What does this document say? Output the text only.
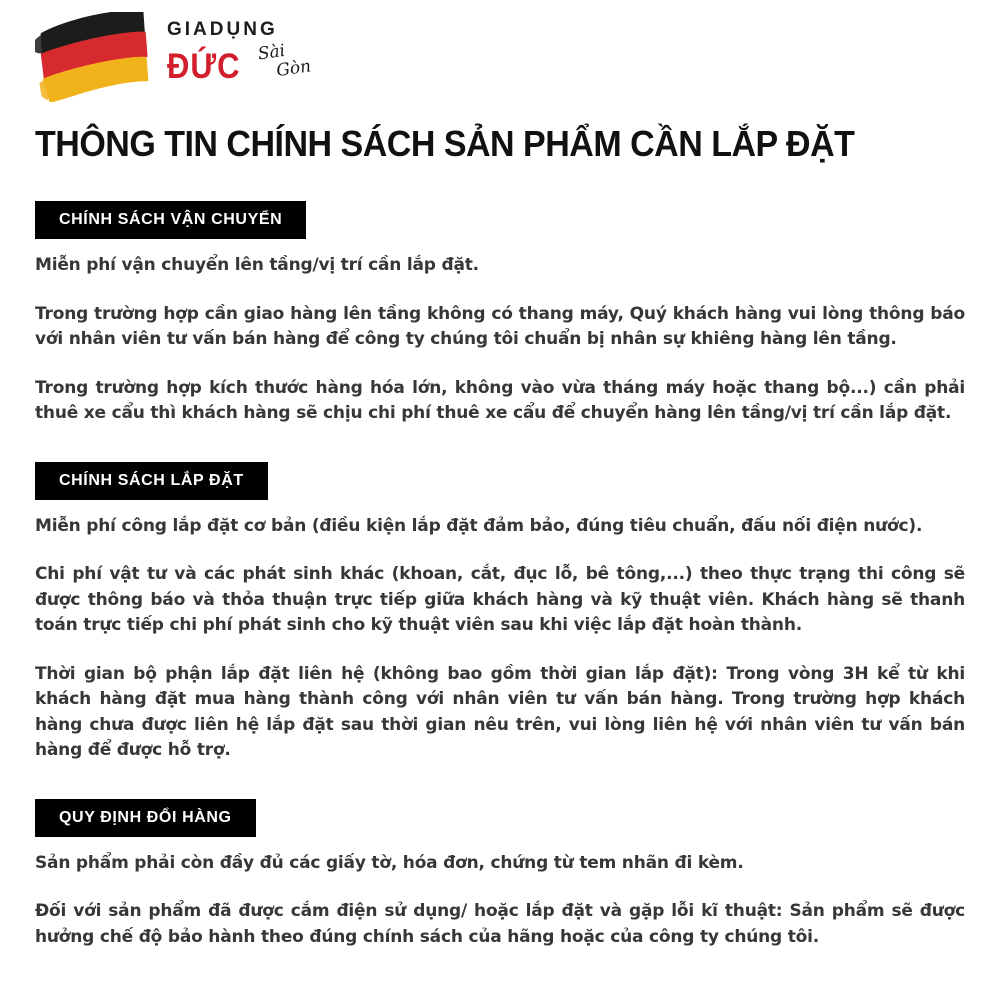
GIADỤNG
ĐỨC Sài
Gòn
THÔNG TIN CHÍNH SÁCH SẢN PHẨM CẦN LẮP ĐẶT
CHÍNH SÁCH VẬN CHUYỂN

Miễn phí vận chuyển lên tầng/vị trí cần lắp đặt.

Trong trường hợp cần giao hàng lên tầng không có thang máy, Quý khách hàng vui lòng thông báo với nhân viên tư vấn bán hàng để công ty chúng tôi chuẩn bị nhân sự khiêng hàng lên tầng.

Trong trường hợp kích thước hàng hóa lớn, không vào vừa tháng máy hoặc thang bộ...) cần phải thuê xe cẩu thì khách hàng sẽ chịu chi phí thuê xe cẩu để chuyển hàng lên tầng/vị trí cần lắp đặt.

CHÍNH SÁCH LẮP ĐẶT

Miễn phí công lắp đặt cơ bản (điều kiện lắp đặt đảm bảo, đúng tiêu chuẩn, đấu nối điện nước).

Chi phí vật tư và các phát sinh khác (khoan, cắt, đục lỗ, bê tông,...) theo thực trạng thi công sẽ được thông báo và thỏa thuận trực tiếp giữa khách hàng và kỹ thuật viên. Khách hàng sẽ thanh toán trực tiếp chi phí phát sinh cho kỹ thuật viên sau khi việc lắp đặt hoàn thành.

Thời gian bộ phận lắp đặt liên hệ (không bao gồm thời gian lắp đặt): Trong vòng 3H kể từ khi khách hàng đặt mua hàng thành công với nhân viên tư vấn bán hàng. Trong trường hợp khách hàng chưa được liên hệ lắp đặt sau thời gian nêu trên, vui lòng liên hệ với nhân viên tư vấn bán hàng để được hỗ trợ.

QUY ĐỊNH ĐỔI HÀNG

Sản phẩm phải còn đầy đủ các giấy tờ, hóa đơn, chứng từ tem nhãn đi kèm.

Đối với sản phẩm đã được cắm điện sử dụng/ hoặc lắp đặt và gặp lỗi kĩ thuật: Sản phẩm sẽ được hưởng chế độ bảo hành theo đúng chính sách của hãng hoặc của công ty chúng tôi.
